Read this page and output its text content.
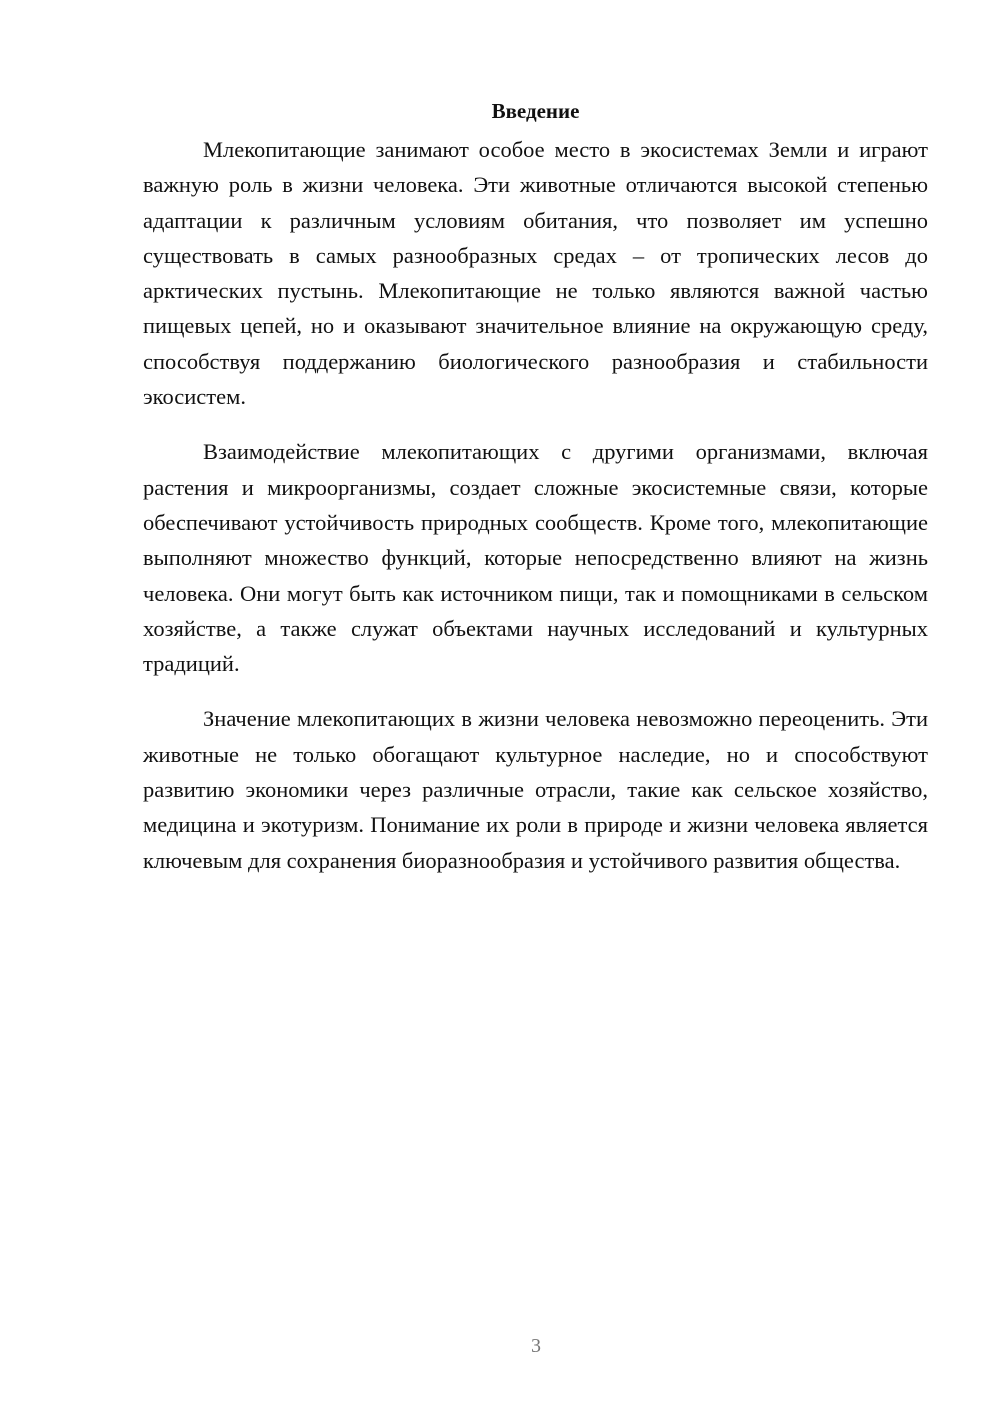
Введение

Млекопитающие занимают особое место в экосистемах Земли и играют важную роль в жизни человека. Эти животные отличаются высокой степенью адаптации к различным условиям обитания, что позволяет им успешно существовать в самых разнообразных средах – от тропических лесов до арктических пустынь. Млекопитающие не только являются важной частью пищевых цепей, но и оказывают значительное влияние на окружающую среду, способствуя поддержанию биологического разнообразия и стабильности экосистем.

Взаимодействие млекопитающих с другими организмами, включая растения и микроорганизмы, создает сложные экосистемные связи, которые обеспечивают устойчивость природных сообществ. Кроме того, млекопитающие выполняют множество функций, которые непосредственно влияют на жизнь человека. Они могут быть как источником пищи, так и помощниками в сельском хозяйстве, а также служат объектами научных исследований и культурных традиций.

Значение млекопитающих в жизни человека невозможно переоценить. Эти животные не только обогащают культурное наследие, но и способствуют развитию экономики через различные отрасли, такие как сельское хозяйство, медицина и экотуризм. Понимание их роли в природе и жизни человека является ключевым для сохранения биоразнообразия и устойчивого развития общества.

3
